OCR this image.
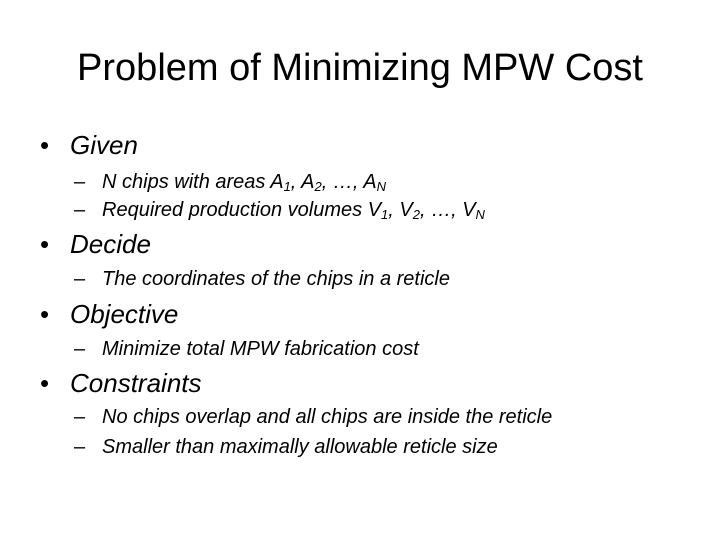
Problem of Minimizing MPW Cost
• Given
– N chips with areas $A_1$, $A_2$, …, $A_N$
– Required production volumes $V_1$, $V_2$, …, $V_N$
• Decide
– The coordinates of the chips in a reticle
• Objective
– Minimize total MPW fabrication cost
• Constraints
– No chips overlap and all chips are inside the reticle
– Smaller than maximally allowable reticle size
